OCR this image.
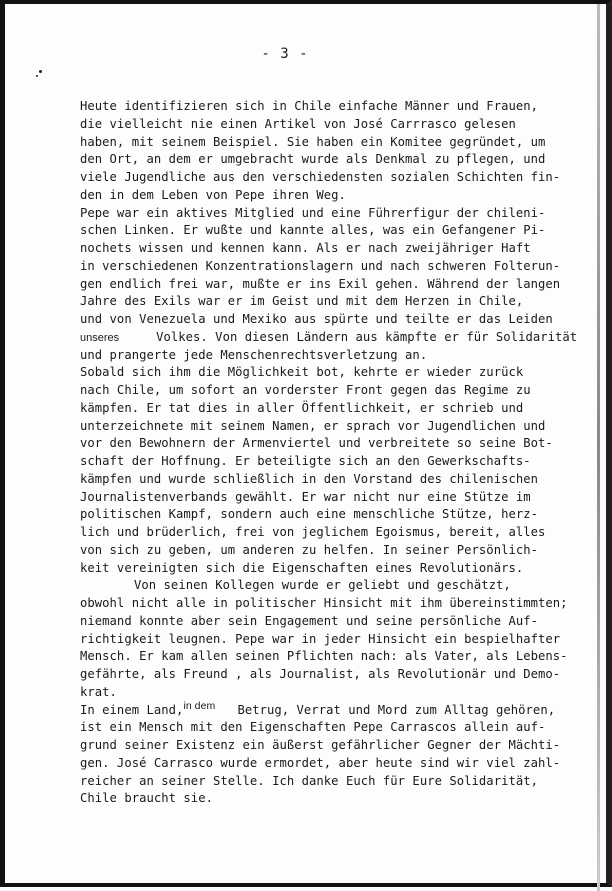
- 3 -
Heute identifizieren sich in Chile einfache Männer und Frauen,
die vielleicht nie einen Artikel von José Carrrasco gelesen
haben, mit seinem Beispiel. Sie haben ein Komitee gegründet, um
den Ort, an dem er umgebracht wurde als Denkmal zu pflegen, und
viele Jugendliche aus den verschiedensten sozialen Schichten fin-
den in dem Leben von Pepe ihren Weg.
Pepe war ein aktives Mitglied und eine Führerfigur der chileni-
schen Linken. Er wußte und kannte alles, was ein Gefangener Pi-
nochets wissen und kennen kann. Als er nach zweijähriger Haft
in verschiedenen Konzentrationslagern und nach schweren Folterun-
gen endlich frei war, mußte er ins Exil gehen. Während der langen
Jahre des Exils war er im Geist und mit dem Herzen in Chile,
und von Venezuela und Mexiko aus spürte und teilte er das Leiden
unseres	Volkes. Von diesen Ländern aus kämpfte er für Solidarität
und prangerte jede Menschenrechtsverletzung an.
Sobald sich ihm die Möglichkeit bot, kehrte er wieder zurück
nach Chile, um sofort an vorderster Front gegen das Regime zu
kämpfen. Er tat dies in aller Öffentlichkeit, er schrieb und
unterzeichnete mit seinem Namen, er sprach vor Jugendlichen und
vor den Bewohnern der Armenviertel und verbreitete so seine Bot-
schaft der Hoffnung. Er beteiligte sich an den Gewerkschafts-
kämpfen und wurde schließlich in den Vorstand des chilenischen
Journalistenverbands gewählt. Er war nicht nur eine Stütze im
politischen Kampf, sondern auch eine menschliche Stütze, herz-
lich und brüderlich, frei von jeglichem Egoismus, bereit, alles
von sich zu geben, um anderen zu helfen. In seiner Persönlich-
keit vereinigten sich die Eigenschaften eines Revolutionärs.
Von seinen Kollegen wurde er geliebt und geschätzt,
obwohl nicht alle in politischer Hinsicht mit ihm übereinstimmten;
niemand konnte aber sein Engagement und seine persönliche Auf-
richtigkeit leugnen. Pepe war in jeder Hinsicht ein bespielhafter
Mensch. Er kam allen seinen Pflichten nach: als Vater, als Lebens-
gefährte, als Freund , als Journalist, als Revolutionär und Demo-
krat.
In einem Land,in dem Betrug, Verrat und Mord zum Alltag gehören,
ist ein Mensch mit den Eigenschaften Pepe Carrascos allein auf-
grund seiner Existenz ein äußerst gefährlicher Gegner der Mächti-
gen. José Carrasco wurde ermordet, aber heute sind wir viel zahl-
reicher an seiner Stelle. Ich danke Euch für Eure Solidarität,
Chile braucht sie.
